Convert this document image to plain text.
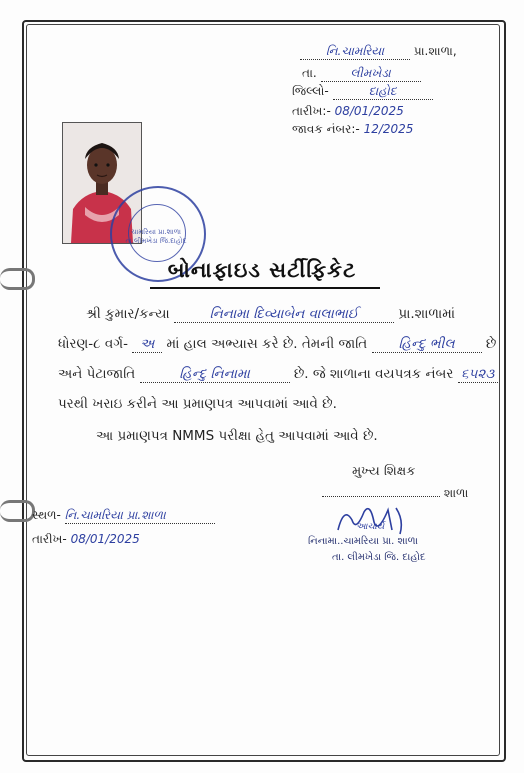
નિ.ચામરિયા પ્રા.શાળા,
તા.	લીમખેડા
જિલ્લો-	દાહોદ
તારીખ:- 08/01/2025
જાવક નંબર:- 12/2025
ચામરિયા પ્રા.શાળા તા.લીમખેડા જિ.દાહોદ
બોનાફાઇડ સર્ટીફિકેટ
શ્રી કુમાર/કન્યા	નિનામા દિવ્યાબેન વાલાભાઈ	પ્રા.શાળામાં
ધોરણ-૮ વર્ગ- અ માં હાલ અભ્યાસ કરે છે. તેમની જાતિ હિન્દુ ભીલ છે
અને પેટાજાતિ	હિન્દુ નિનામા	છે. જે શાળાના વયપત્રક નંબર ૬૫૨૩
પરથી ખરાઇ કરીને આ પ્રમાણપત્ર આપવામાં આવે છે.
આ પ્રમાણપત્ર NMMS પરીક્ષા હેતુ આપવામાં આવે છે.
મુખ્ય શિક્ષક
શાળા
આચાર્ય
નિનામા..ચામરિયા પ્રા. શાળા
તા. લીમખેડા જિ. દાહોદ
સ્થળ- નિ.ચામરિયા પ્રા.શાળા
તારીખ- 08/01/2025
